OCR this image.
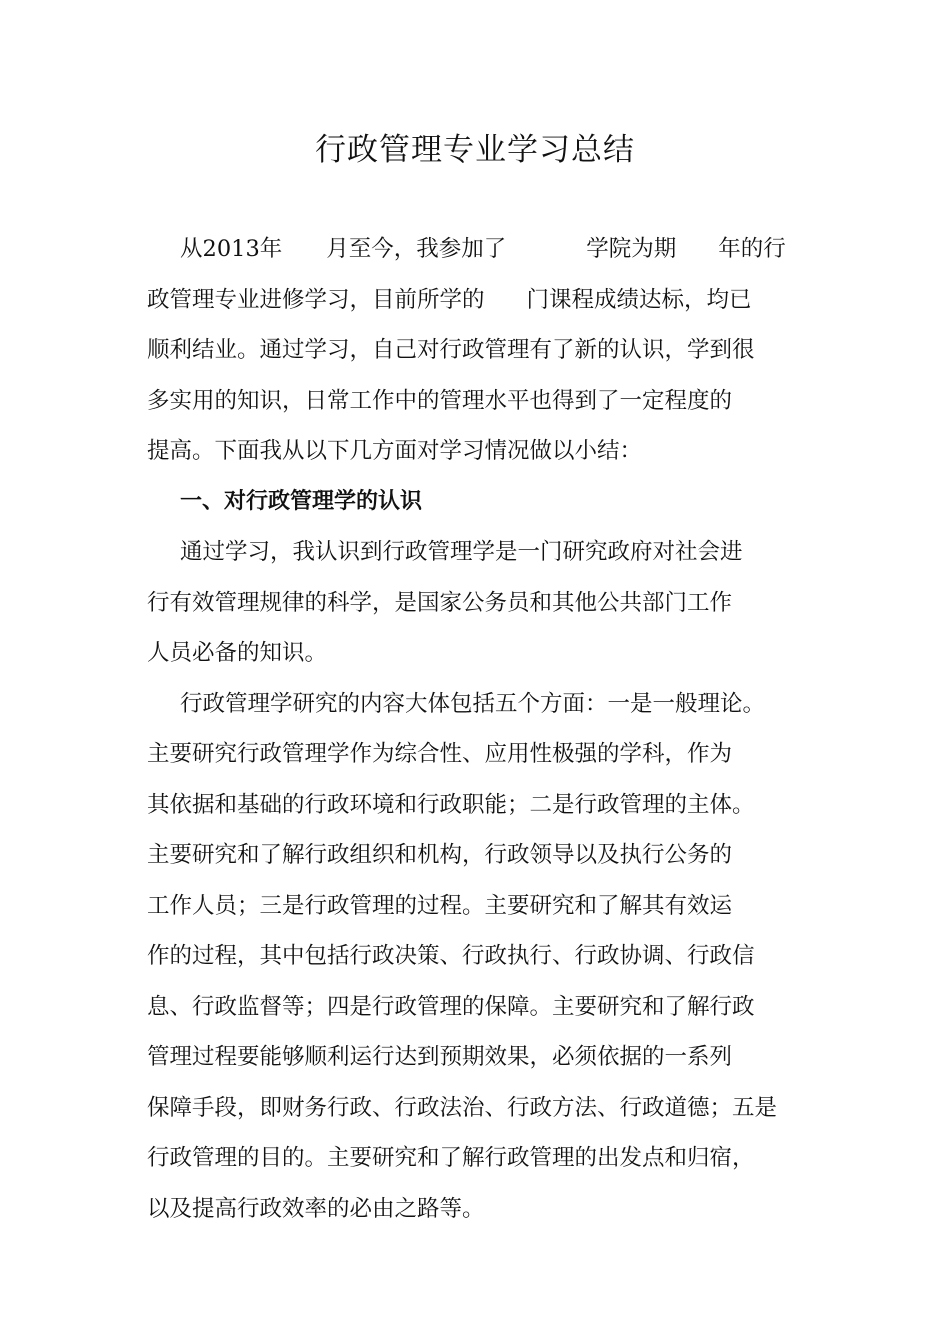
行政管理专业学习总结
从2013年 月至今，我参加了	学院为期 年的行
政管理专业进修学习，目前所学的 门课程成绩达标，均已
顺利结业。通过学习，自己对行政管理有了新的认识，学到很
多实用的知识，日常工作中的管理水平也得到了一定程度的
提高。下面我从以下几方面对学习情况做以小结：
一、对行政管理学的认识
通过学习，我认识到行政管理学是一门研究政府对社会进
行有效管理规律的科学，是国家公务员和其他公共部门工作
人员必备的知识。
行政管理学研究的内容大体包括五个方面：一是一般理论。
主要研究行政管理学作为综合性、应用性极强的学科，作为
其依据和基础的行政环境和行政职能；二是行政管理的主体。
主要研究和了解行政组织和机构，行政领导以及执行公务的
工作人员；三是行政管理的过程。主要研究和了解其有效运
作的过程，其中包括行政决策、行政执行、行政协调、行政信
息、行政监督等；四是行政管理的保障。主要研究和了解行政
管理过程要能够顺利运行达到预期效果，必须依据的一系列
保障手段，即财务行政、行政法治、行政方法、行政道德；五是
行政管理的目的。主要研究和了解行政管理的出发点和归宿，
以及提高行政效率的必由之路等。
